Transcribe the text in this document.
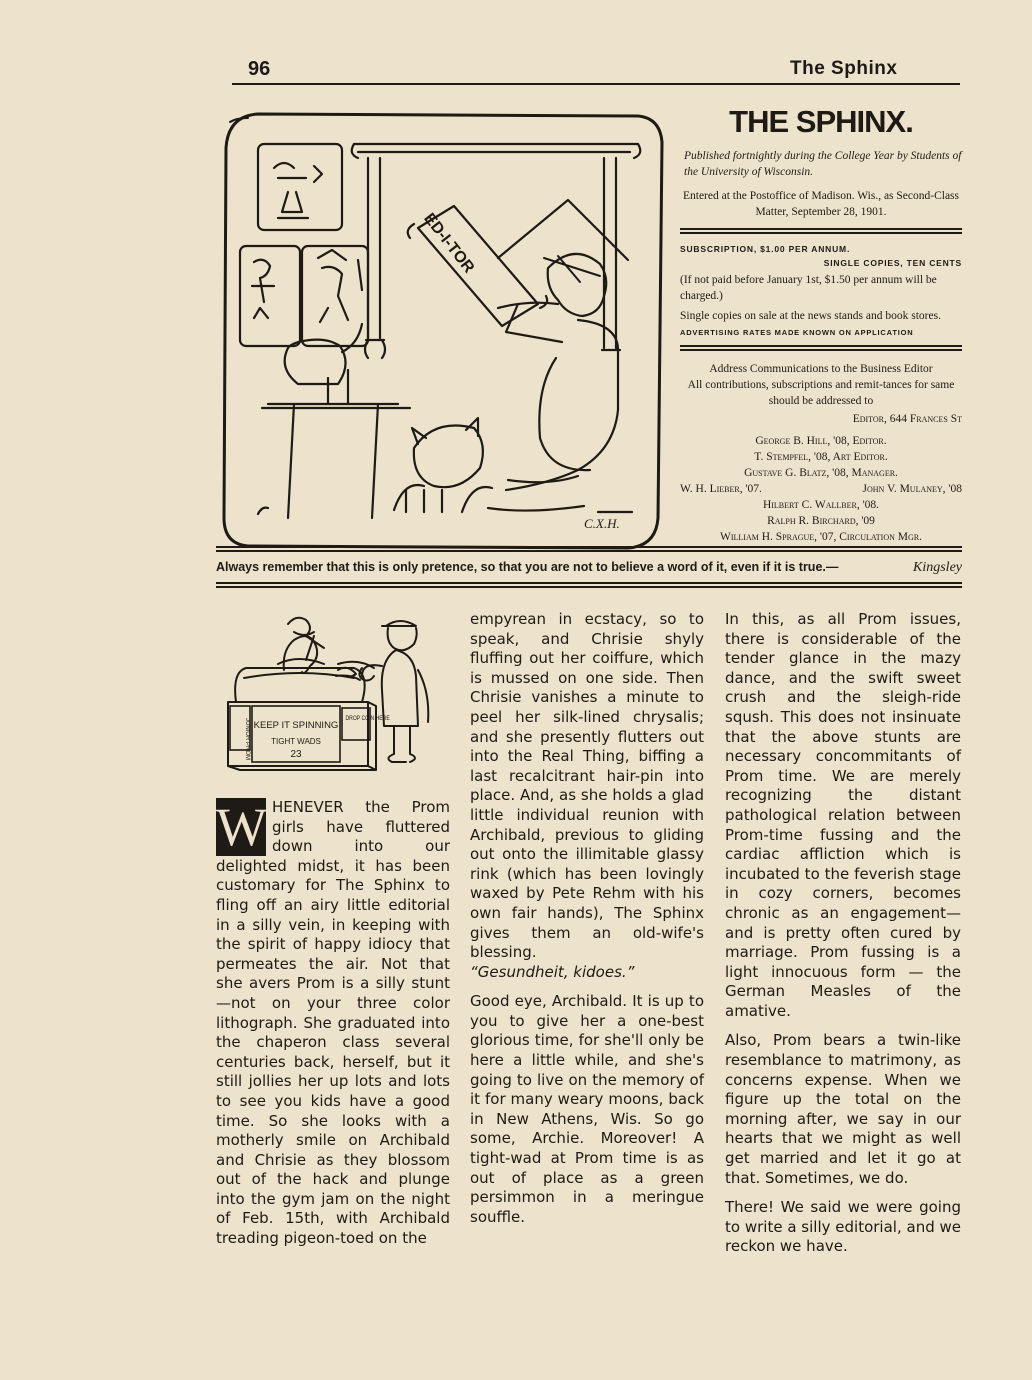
96	The Sphinx
ED-I-TOR
C.X.H.
THE SPHINX.
Published fortnightly during the College Year by Students of the University of Wisconsin.
Entered at the Postoffice of Madison. Wis., as Second-Class Matter, September 28, 1901.
SUBSCRIPTION, $1.00 PER ANNUM.
SINGLE COPIES, TEN CENTS
(If not paid before January 1st, $1.50 per annum will be charged.)
Single copies on sale at the news stands and book stores.
ADVERTISING RATES MADE KNOWN ON APPLICATION
Address Communications to the Business Editor
All contributions, subscriptions and remit-tances for same should be addressed to
Editor, 644 Frances St
George B. Hill, '08, Editor.
T. Stempfel, '08, Art Editor.
Gustave G. Blatz, '08, Manager.
W. H. Lieber, '07.	John V. Mulaney, '08
Hilbert C. Wallber, '08.
Ralph R. Birchard, '09
William H. Sprague, '07, Circulation Mgr.
Always remember that this is only pretence, so that you are not to believe a word of it, even if it is true.—	Kingsley
KEEP IT SPINNING
TIGHT WADS
23
DROP COIN HERE
JUNIOR PROM

W HENEVER the Prom girls have fluttered down into our delighted midst, it has been customary for The Sphinx to fling off an airy little editorial in a silly vein, in keeping with the spirit of happy idiocy that permeates the air. Not that she avers Prom is a silly stunt—not on your three color lithograph. She graduated into the chaperon class several centuries back, herself, but it still jollies her up lots and lots to see you kids have a good time. So she looks with a motherly smile on Archibald and Chrisie as they blossom out of the hack and plunge into the gym jam on the night of Feb. 15th, with Archibald treading pigeon-toed on the

empyrean in ecstacy, so to speak, and Chrisie shyly fluffing out her coiffure, which is mussed on one side. Then Chrisie vanishes a minute to peel her silk-lined chrysalis; and she presently flutters out into the Real Thing, biffing a last recalcitrant hair-pin into place. And, as she holds a glad little individual reunion with Archibald, previous to gliding out onto the illimitable glassy rink (which has been lovingly waxed by Pete Rehm with his own fair hands), The Sphinx gives them an old-wife's blessing.
“Gesundheit, kidoes.”

Good eye, Archibald. It is up to you to give her a one-best glorious time, for she'll only be here a little while, and she's going to live on the memory of it for many weary moons, back in New Athens, Wis. So go some, Archie. Moreover! A tight-wad at Prom time is as out of place as a green persimmon in a meringue souffle.

In this, as all Prom issues, there is considerable of the tender glance in the mazy dance, and the swift sweet crush and the sleigh-ride sqush. This does not insinuate that the above stunts are necessary concommitants of Prom time. We are merely recognizing the distant pathological relation between Prom-time fussing and the cardiac affliction which is incubated to the feverish stage in cozy corners, becomes chronic as an engagement—and is pretty often cured by marriage. Prom fussing is a light innocuous form — the German Measles of the amative.

Also, Prom bears a twin-like resemblance to matrimony, as concerns expense. When we figure up the total on the morning after, we say in our hearts that we might as well get married and let it go at that. Sometimes, we do.

There! We said we were going to write a silly editorial, and we reckon we have.
